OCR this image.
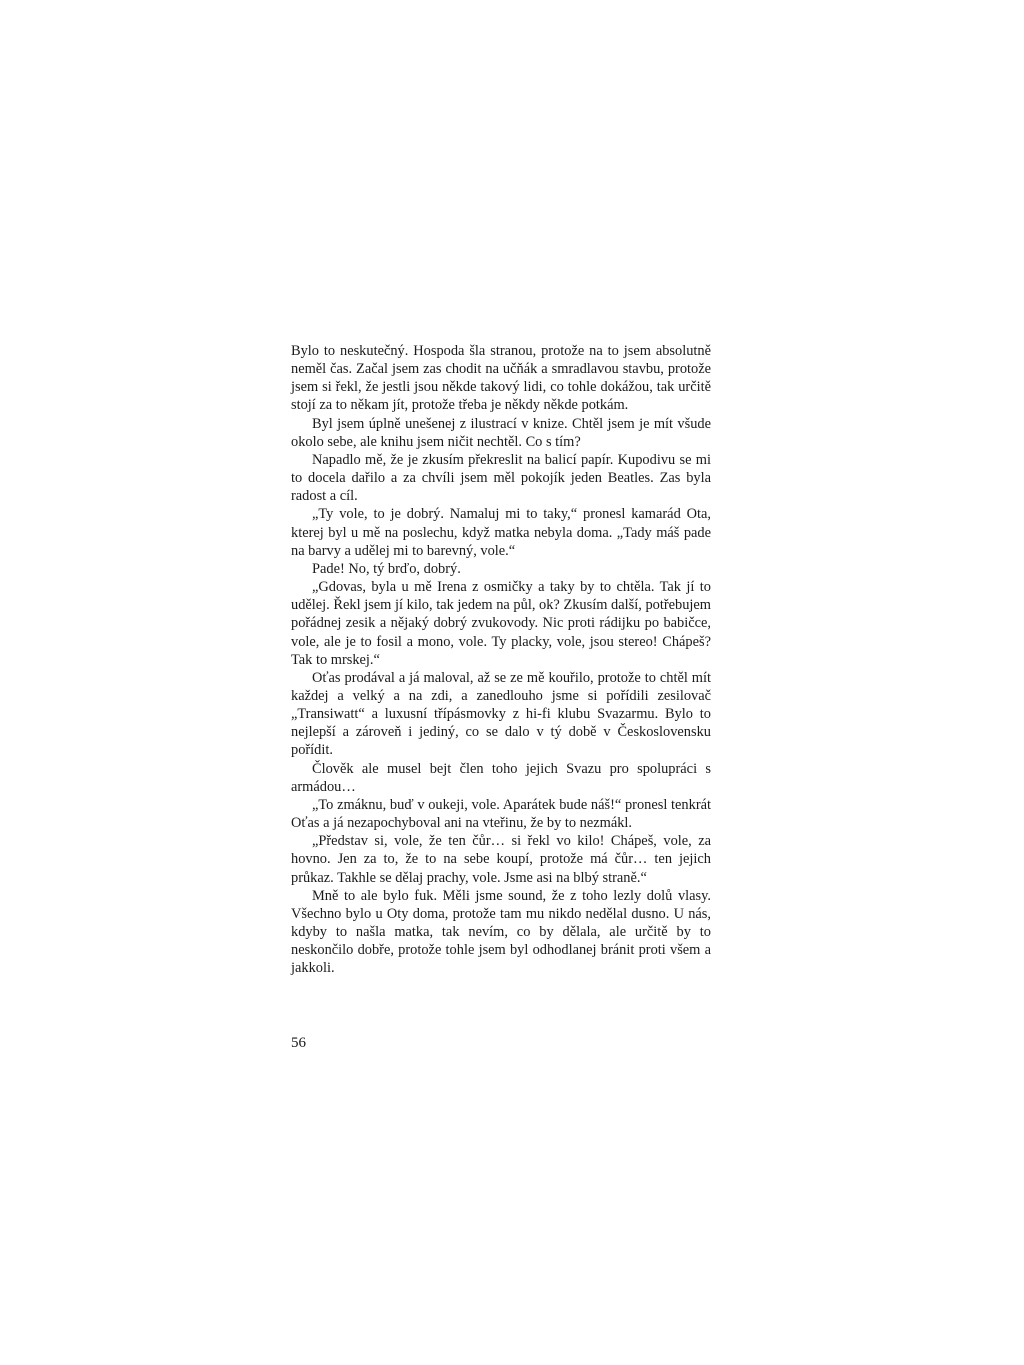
Bylo to neskutečný. Hospoda šla stranou, protože na to jsem absolutně neměl čas. Začal jsem zas chodit na učňák a smradlavou stavbu, protože jsem si řekl, že jestli jsou někde takový lidi, co tohle dokážou, tak určitě stojí za to někam jít, protože třeba je někdy někde potkám.

Byl jsem úplně unešenej z ilustrací v knize. Chtěl jsem je mít všude okolo sebe, ale knihu jsem ničit nechtěl. Co s tím?

Napadlo mě, že je zkusím překreslit na balicí papír. Kupodivu se mi to docela dařilo a za chvíli jsem měl pokojík jeden Beatles. Zas byla radost a cíl.

„Ty vole, to je dobrý. Namaluj mi to taky,“ pronesl kamarád Ota, kterej byl u mě na poslechu, když matka nebyla doma. „Tady máš pade na barvy a udělej mi to barevný, vole.“

Pade! No, tý brďo, dobrý.

„Gdovas, byla u mě Irena z osmičky a taky by to chtěla. Tak jí to udělej. Řekl jsem jí kilo, tak jedem na půl, ok? Zkusím další, potřebujem pořádnej zesik a nějaký dobrý zvukovody. Nic proti rádijku po babičce, vole, ale je to fosil a mono, vole. Ty placky, vole, jsou stereo! Chápeš? Tak to mrskej.“

Oťas prodával a já maloval, až se ze mě kouřilo, protože to chtěl mít každej a velký a na zdi, a zanedlouho jsme si pořídili zesilovač „Transiwatt“ a luxusní třípásmovky z hi-fi klubu Svazarmu. Bylo to nejlepší a zároveň i jediný, co se dalo v tý době v Československu pořídit.

Člověk ale musel bejt člen toho jejich Svazu pro spolupráci s armádou…

„To zmáknu, buď v oukeji, vole. Aparátek bude náš!“ pronesl tenkrát Oťas a já nezapochyboval ani na vteřinu, že by to nezmákl.

„Představ si, vole, že ten čůr… si řekl vo kilo! Chápeš, vole, za hovno. Jen za to, že to na sebe koupí, protože má čůr… ten jejich průkaz. Takhle se dělaj prachy, vole. Jsme asi na blbý straně.“

Mně to ale bylo fuk. Měli jsme sound, že z toho lezly dolů vlasy. Všechno bylo u Oty doma, protože tam mu nikdo nedělal dusno. U nás, kdyby to našla matka, tak nevím, co by dělala, ale určitě by to neskončilo dobře, protože tohle jsem byl odhodlanej bránit proti všem a jakkoli.

56
